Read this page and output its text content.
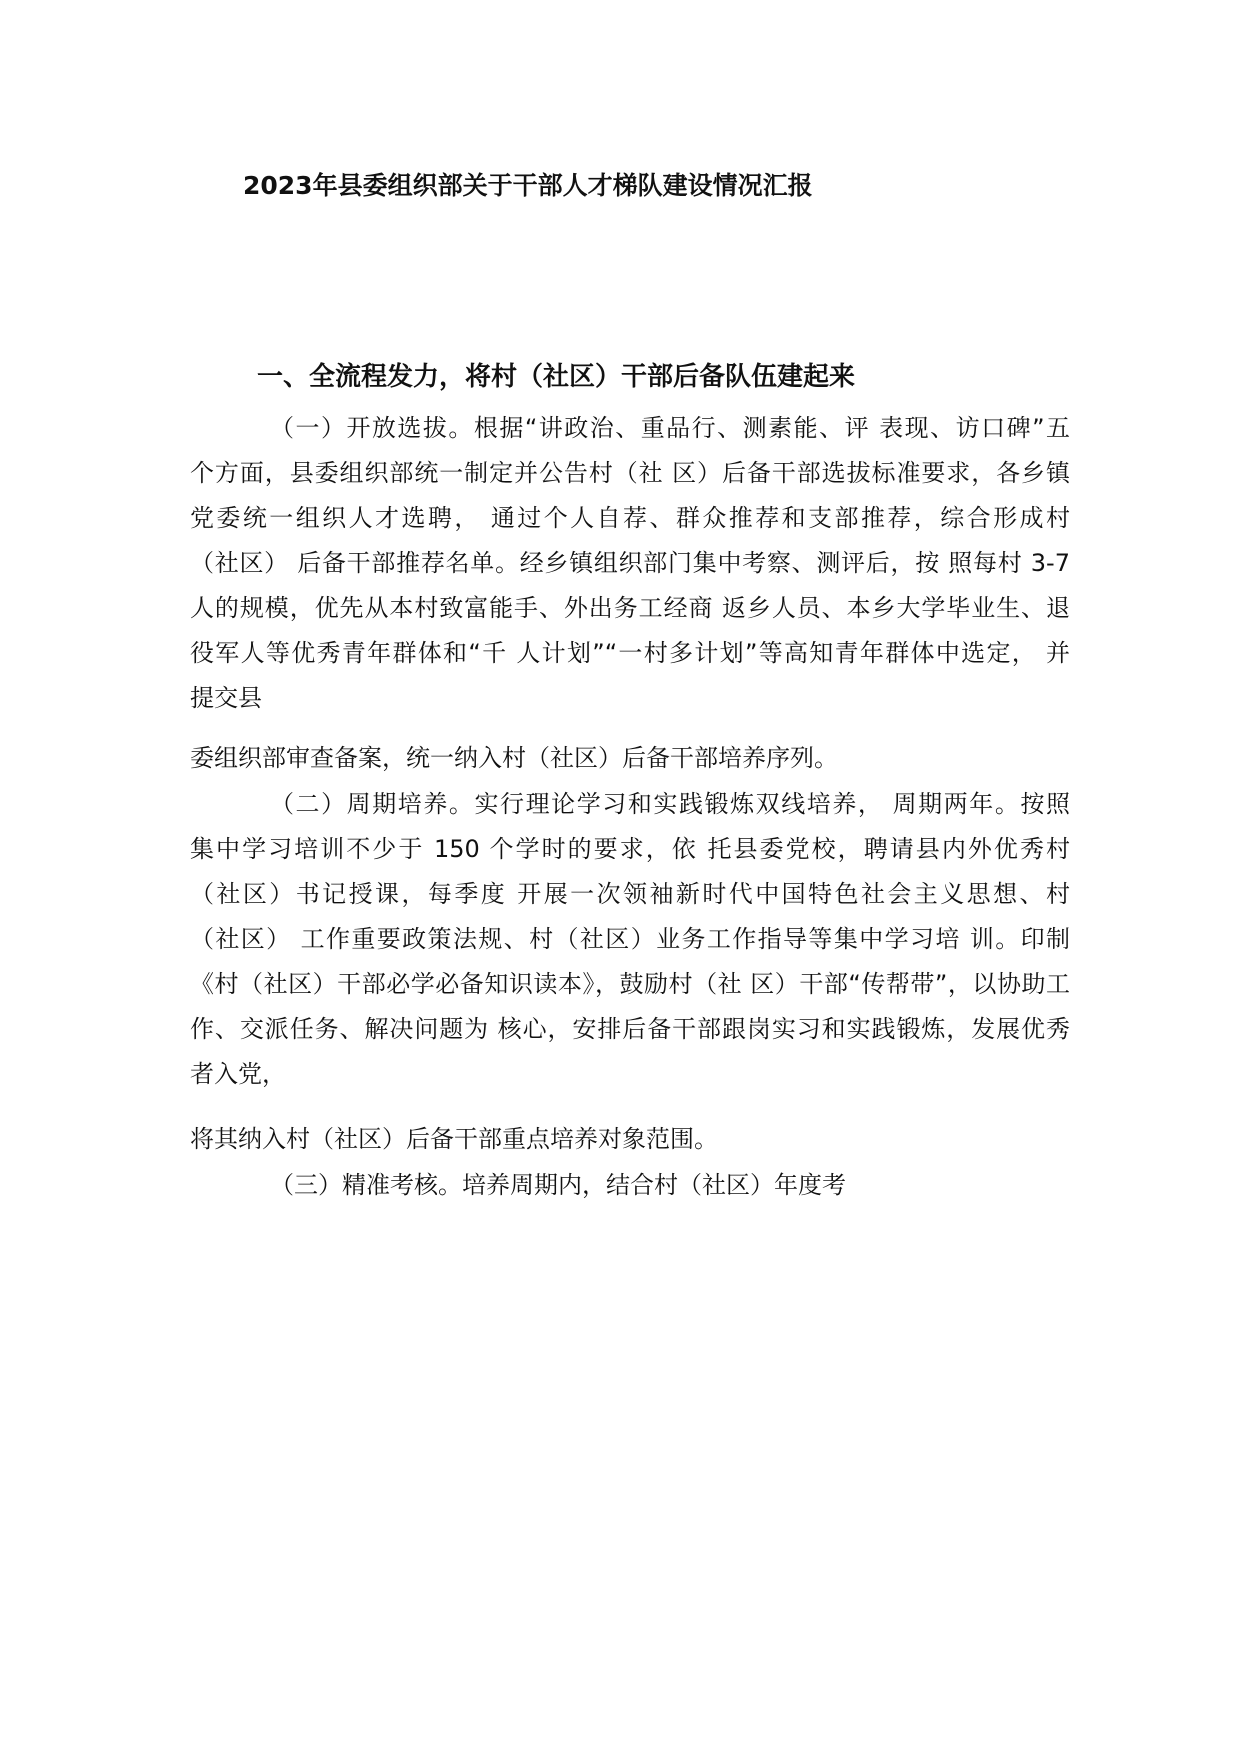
2023年县委组织部关于干部人才梯队建设情况汇报
一、全流程发力，将村（社区）干部后备队伍建起来
（一）开放选拔。根据“讲政治、重品行、测素能、评 表现、访口碑”五
个方面，县委组织部统一制定并公告村（社 区）后备干部选拔标准要求，各乡镇
党委统一组织人才选聘， 通过个人自荐、群众推荐和支部推荐，综合形成村
（社区） 后备干部推荐名单。经乡镇组织部门集中考察、测评后，按 照每村 3-7
人的规模，优先从本村致富能手、外出务工经商 返乡人员、本乡大学毕业生、退
役军人等优秀青年群体和“千 人计划”“一村多计划”等高知青年群体中选定， 并
提交县
委组织部审查备案，统一纳入村（社区）后备干部培养序列。
（二）周期培养。实行理论学习和实践锻炼双线培养， 周期两年。按照
集中学习培训不少于 150 个学时的要求，依 托县委党校，聘请县内外优秀村
（社区）书记授课，每季度 开展一次领袖新时代中国特色社会主义思想、村
（社区） 工作重要政策法规、村（社区）业务工作指导等集中学习培 训。印制
《村（社区）干部必学必备知识读本》，鼓励村（社 区）干部“传帮带”，以协助工
作、交派任务、解决问题为 核心，安排后备干部跟岗实习和实践锻炼，发展优秀
者入党，
将其纳入村（社区）后备干部重点培养对象范围。
（三）精准考核。培养周期内，结合村（社区）年度考
